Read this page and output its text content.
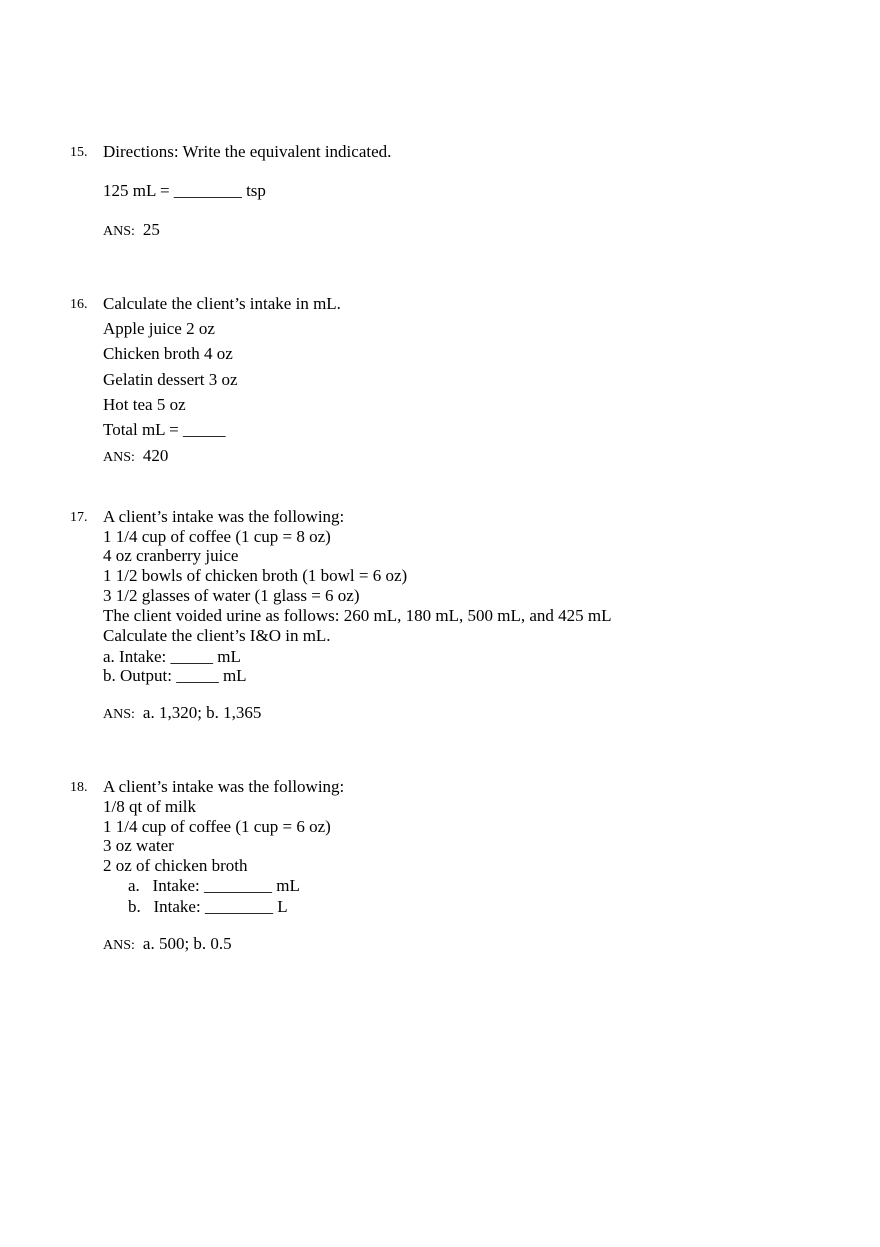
15. Directions: Write the equivalent indicated.
125 mL = ________ tsp
ANS: 25
16. Calculate the client’s intake in mL.
Apple juice 2 oz
Chicken broth 4 oz
Gelatin dessert 3 oz
Hot tea 5 oz
Total mL = _____
ANS: 420
17. A client’s intake was the following:
1 1/4 cup of coffee (1 cup = 8 oz)
4 oz cranberry juice
1 1/2 bowls of chicken broth (1 bowl = 6 oz)
3 1/2 glasses of water (1 glass = 6 oz)
The client voided urine as follows: 260 mL, 180 mL, 500 mL, and 425 mL
Calculate the client’s I&O in mL.
a. Intake: _____ mL
b. Output: _____ mL
ANS: a. 1,320; b. 1,365
18. A client’s intake was the following:
1/8 qt of milk
1 1/4 cup of coffee (1 cup = 6 oz)
3 oz water
2 oz of chicken broth
a.   Intake: ________ mL
b.   Intake: ________ L
ANS: a. 500; b. 0.5
